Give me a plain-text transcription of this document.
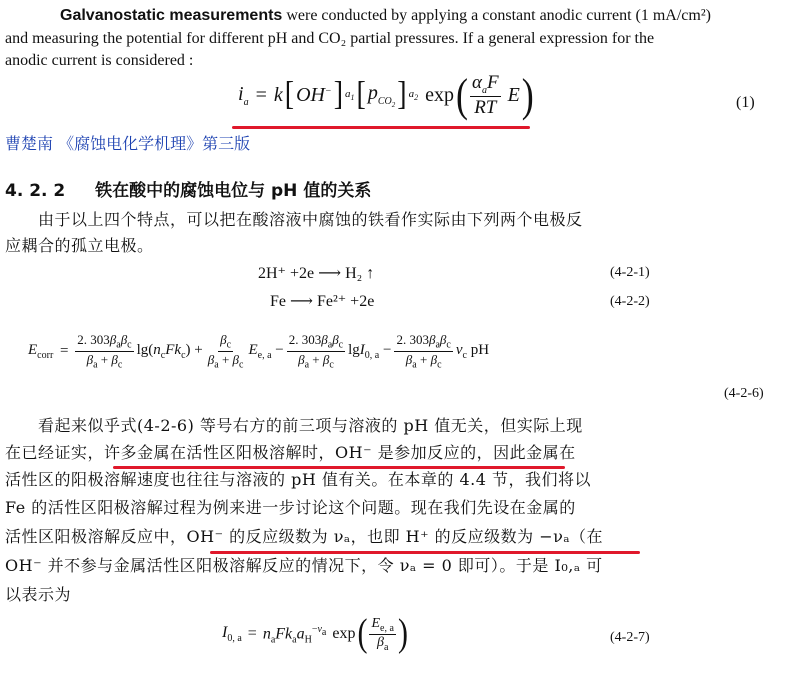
Galvanostatic measurements were conducted by applying a constant anodic current (1 mA/cm²)
and measuring the potential for different pH and CO₂ partial pressures. If a general expression for the
anodic current is considered :
$i_a = k$ [ OH− ] $a_1$ [ $p_{CO_2}$ ] $a_2$ exp ( $\frac{\alpha_aF}{RT}$ E )	(1)
曹楚南 《腐蚀电化学机理》第三版
4. 2. 2 铁在酸中的腐蚀电位与 pH 值的关系
由于以上四个特点，可以把在酸溶液中腐蚀的铁看作实际由下列两个电极反
应耦合的孤立电极。
2H⁺ +2e ⟶ H₂ ↑	(4-2-1)
Fe ⟶ Fe²⁺ +2e	(4-2-2)
$E_{corr} = \frac{2. 303\beta_a\beta_c}{\beta_a + \beta_c} \lg(n_cFk_c) + \frac{\beta_c}{\beta_a + \beta_c} E_{e, a} - \frac{2. 303\beta_a\beta_c}{\beta_a + \beta_c} \lg I_{0, a} - \frac{2. 303\beta_a\beta_c}{\beta_a + \beta_c} \nu_c$ pH
(4-2-6)
看起来似乎式(4-2-6) 等号右方的前三项与溶液的 pH 值无关，但实际上现
在已经证实，许多金属在活性区阳极溶解时，OH⁻ 是参加反应的，因此金属在
活性区的阳极溶解速度也往往与溶液的 pH 值有关。在本章的 4.4 节，我们将以
Fe 的活性区阳极溶解过程为例来进一步讨论这个问题。现在我们先设在金属的
活性区阳极溶解反应中，OH⁻ 的反应级数为 νₐ，也即 H⁺ 的反应级数为 −νₐ（在
OH⁻ 并不参与金属活性区阳极溶解反应的情况下，令 νₐ = 0 即可）。于是 I₀,ₐ 可
以表示为
$I_{0, a} = n_aFk_aa_H^{-\nu_a}$ exp ( $\frac{E_{e, a}}{\beta_a}$ )	(4-2-7)
